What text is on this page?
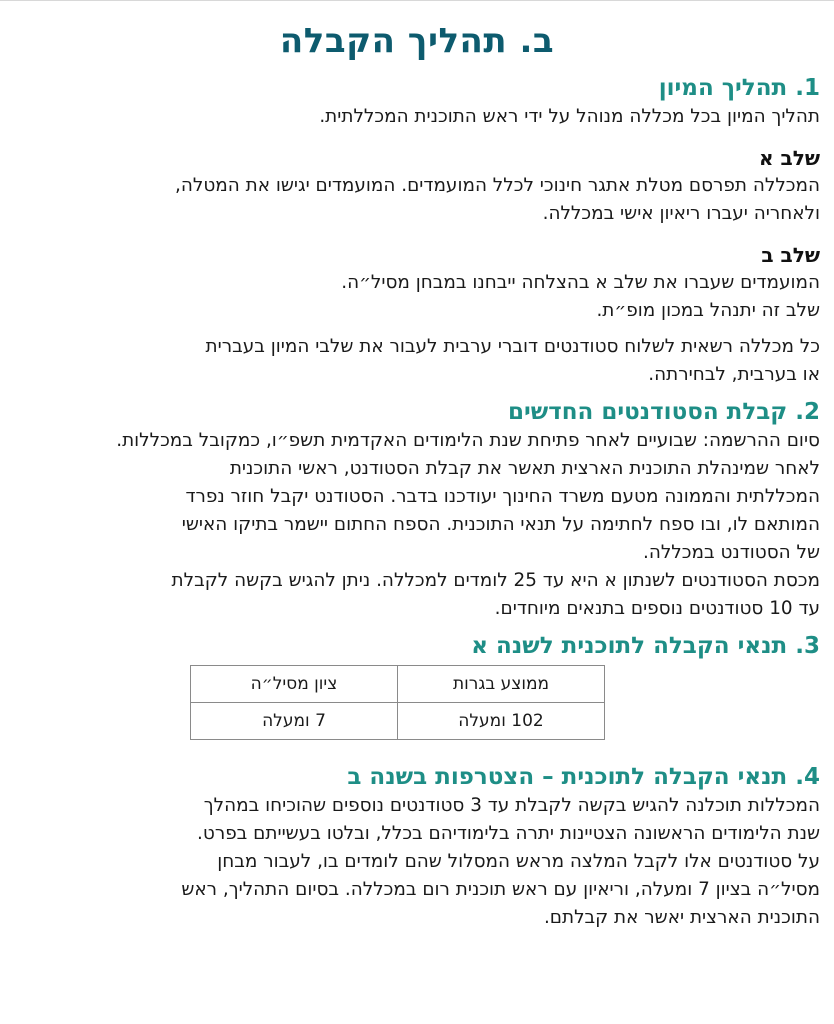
ב. תהליך הקבלה
1. תהליך המיון

תהליך המיון בכל מכללה מנוהל על ידי ראש התוכנית המכללתית.

שלב א

המכללה תפרסם מטלת אתגר חינוכי לכלל המועמדים. המועמדים יגישו את המטלה,

ולאחריה יעברו ריאיון אישי במכללה.

שלב ב

המועמדים שעברו את שלב א בהצלחה ייבחנו במבחן מסיל״ה.

שלב זה יתנהל במכון מופ״ת.

כל מכללה רשאית לשלוח סטודנטים דוברי ערבית לעבור את שלבי המיון בעברית

או בערבית, לבחירתה.

2. קבלת הסטודנטים החדשים

סיום ההרשמה: שבועיים לאחר פתיחת שנת הלימודים האקדמית תשפ״ו, כמקובל במכללות.

לאחר שמינהלת התוכנית הארצית תאשר את קבלת הסטודנט, ראשי התוכנית

המכללתית והממונה מטעם משרד החינוך יעודכנו בדבר. הסטודנט יקבל חוזר נפרד

המותאם לו, ובו ספח לחתימה על תנאי התוכנית. הספח החתום יישמר בתיקו האישי

של הסטודנט במכללה.

מכסת הסטודנטים לשנתון א היא עד 25 לומדים למכללה. ניתן להגיש בקשה לקבלת

עד 10 סטודנטים נוספים בתנאים מיוחדים.

3. תנאי הקבלה לתוכנית לשנה א
ממוצע בגרות	ציון מסיל״ה
102 ומעלה	7 ומעלה
4. תנאי הקבלה לתוכנית – הצטרפות בשנה ב

המכללות תוכלנה להגיש בקשה לקבלת עד 3 סטודנטים נוספים שהוכיחו במהלך

שנת הלימודים הראשונה הצטיינות יתרה בלימודיהם בכלל, ובלטו בעשייתם בפרט.

על סטודנטים אלו לקבל המלצה מראש המסלול שהם לומדים בו, לעבור מבחן

מסיל״ה בציון 7 ומעלה, וריאיון עם ראש תוכנית רום במכללה. בסיום התהליך, ראש

התוכנית הארצית יאשר את קבלתם.
